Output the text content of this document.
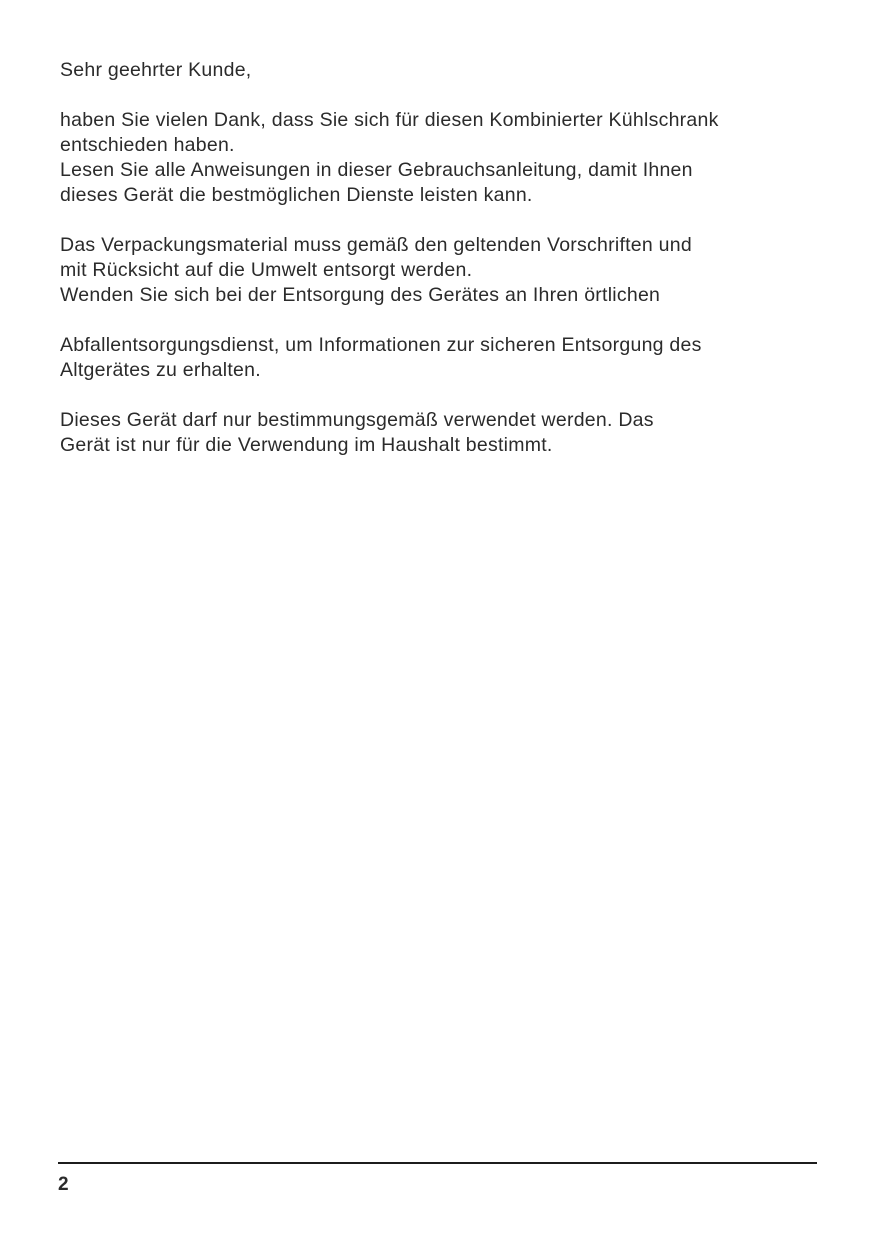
Sehr geehrter Kunde,
haben Sie vielen Dank, dass Sie sich für diesen Kombinierter Kühlschrank
entschieden haben.
Lesen Sie alle Anweisungen in dieser Gebrauchsanleitung, damit Ihnen
dieses Gerät die bestmöglichen Dienste leisten kann.
Das Verpackungsmaterial muss gemäß den geltenden Vorschriften und
mit Rücksicht auf die Umwelt entsorgt werden.
Wenden Sie sich bei der Entsorgung des Gerätes an Ihren örtlichen
Abfallentsorgungsdienst, um Informationen zur sicheren Entsorgung des
Altgerätes zu erhalten.
Dieses Gerät darf nur bestimmungsgemäß verwendet werden. Das
Gerät ist nur für die Verwendung im Haushalt bestimmt.
2
